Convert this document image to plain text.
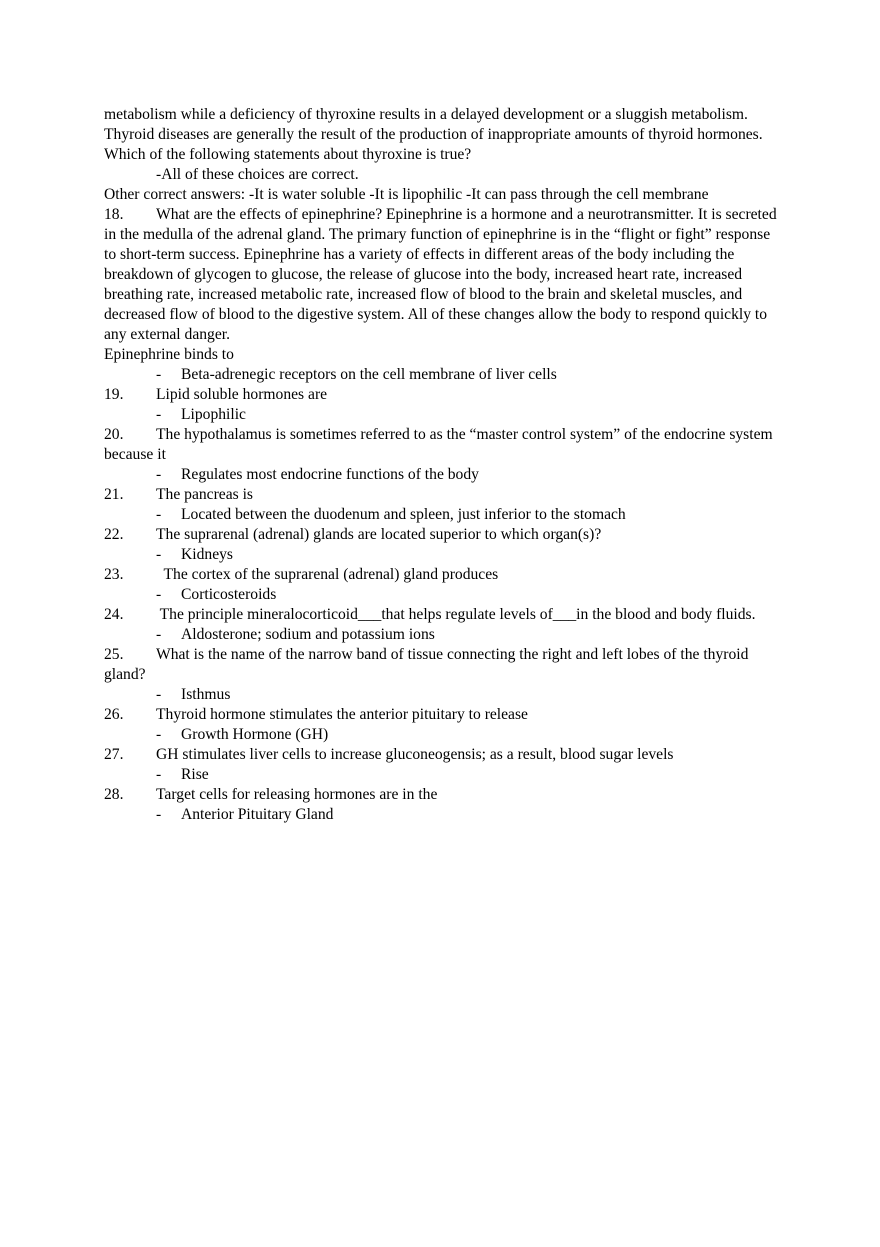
metabolism while a deficiency of thyroxine results in a delayed development or a sluggish metabolism. Thyroid diseases are generally the result of the production of inappropriate amounts of thyroid hormones.

Which of the following statements about thyroxine is true?

-All of these choices are correct.

Other correct answers: -It is water soluble -It is lipophilic -It can pass through the cell membrane

18. What are the effects of epinephrine? Epinephrine is a hormone and a neurotransmitter. It is secreted in the medulla of the adrenal gland. The primary function of epinephrine is in the “flight or fight” response to short-term success. Epinephrine has a variety of effects in different areas of the body including the breakdown of glycogen to glucose, the release of glucose into the body, increased heart rate, increased breathing rate, increased metabolic rate, increased flow of blood to the brain and skeletal muscles, and decreased flow of blood to the digestive system. All of these changes allow the body to respond quickly to any external danger.

Epinephrine binds to

-	Beta-adrenegic receptors on the cell membrane of liver cells

19. Lipid soluble hormones are

-	Lipophilic

20. The hypothalamus is sometimes referred to as the “master control system” of the endocrine system because it

-	Regulates most endocrine functions of the body

21. The pancreas is

-	Located between the duodenum and spleen, just inferior to the stomach

22. The suprarenal (adrenal) glands are located superior to which organ(s)?

-	Kidneys

23.  The cortex of the suprarenal (adrenal) gland produces

-	Corticosteroids

24. The principle mineralocorticoid___that helps regulate levels of___in the blood and body fluids.

-	Aldosterone; sodium and potassium ions

25. What is the name of the narrow band of tissue connecting the right and left lobes of the thyroid gland?

-	Isthmus

26. Thyroid hormone stimulates the anterior pituitary to release

-	Growth Hormone (GH)

27. GH stimulates liver cells to increase gluconeogensis; as a result, blood sugar levels

-	Rise

28. Target cells for releasing hormones are in the

-	Anterior Pituitary Gland
